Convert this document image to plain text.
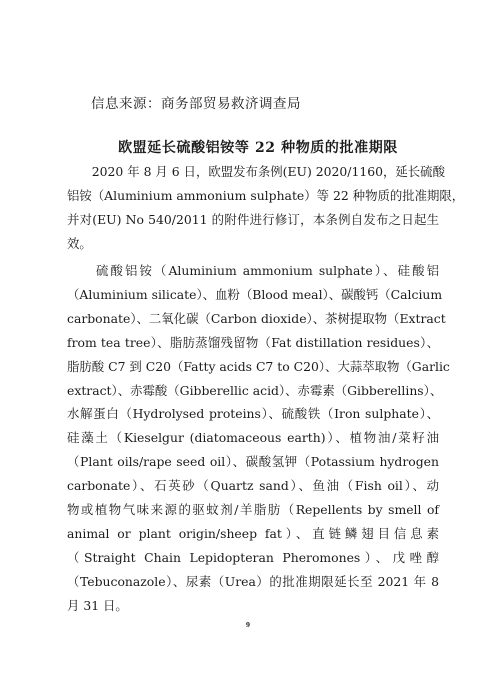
信息来源：商务部贸易救济调查局
欧盟延长硫酸铝铵等 22 种物质的批准期限
　　2020 年 8 月 6 日，欧盟发布条例(EU) 2020/1160，延长硫酸
铝铵（Aluminium ammonium sulphate）等 22 种物质的批准期限，
并对(EU) No 540/2011 的附件进行修订，本条例自发布之日起生
效。
　　硫酸铝铵（Aluminium ammonium sulphate）、硅酸铝
（Aluminium silicate）、血粉（Blood meal）、碳酸钙（Calcium
carbonate）、二氧化碳（Carbon dioxide）、茶树提取物（Extract
from tea tree）、脂肪蒸馏残留物（Fat distillation residues）、
脂肪酸 C7 到 C20（Fatty acids C7 to C20）、大蒜萃取物（Garlic
extract）、赤霉酸（Gibberellic acid）、赤霉素（Gibberellins）、
水解蛋白（Hydrolysed proteins）、硫酸铁（Iron sulphate）、
硅藻土（Kieselgur (diatomaceous earth)）、植物油/菜籽油
（Plant oils/rape seed oil）、碳酸氢钾（Potassium hydrogen
carbonate）、石英砂（Quartz sand）、鱼油（Fish oil）、动
物或植物气味来源的驱蚊剂/羊脂肪（Repellents by smell of
animal or plant origin/sheep fat）、直链鳞翅目信息素
（Straight Chain Lepidopteran Pheromones）、戊唑醇
（Tebuconazole）、尿素（Urea）的批准期限延长至 2021 年 8
月 31 日。
9
